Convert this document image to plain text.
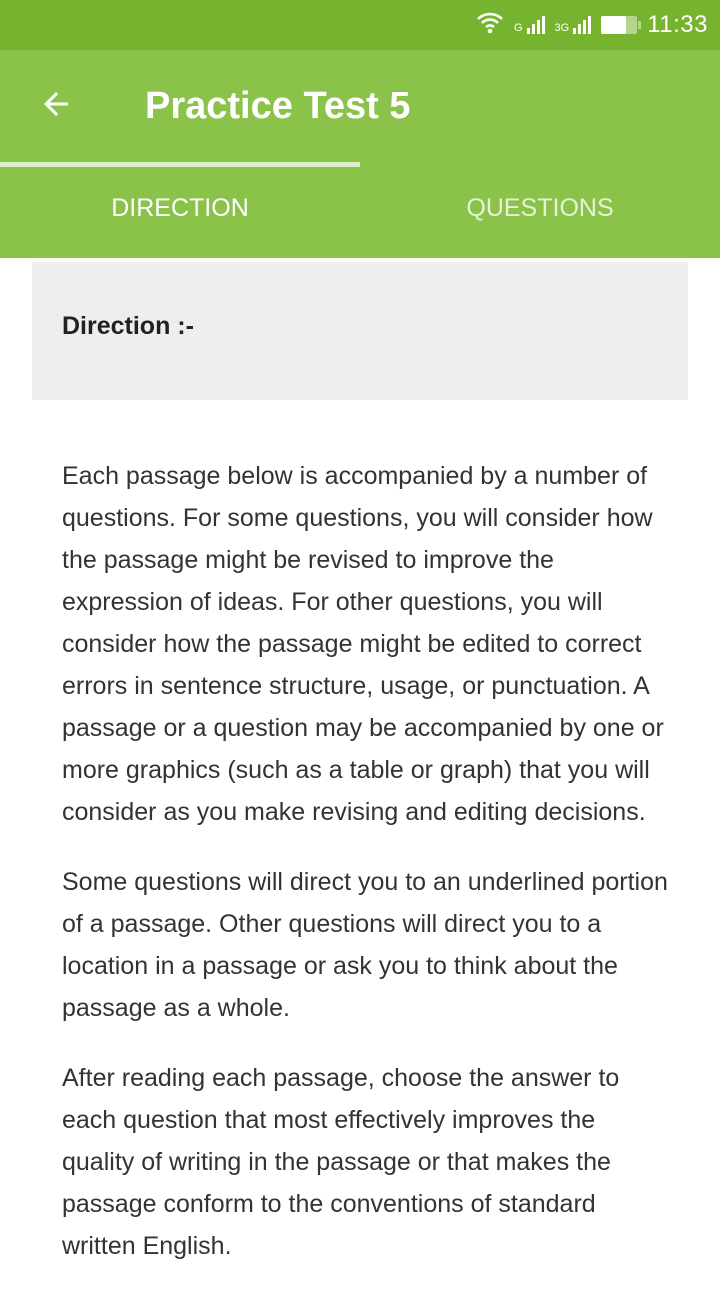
G	3G	11:33
Practice Test 5
DIRECTION	QUESTIONS
Direction :-

Each passage below is accompanied by a number of questions. For some questions, you will consider how the passage might be revised to improve the expression of ideas. For other questions, you will consider how the passage might be edited to correct errors in sentence structure, usage, or punctuation. A passage or a question may be accompanied by one or more graphics (such as a table or graph) that you will consider as you make revising and editing decisions.

Some questions will direct you to an underlined portion of a passage. Other questions will direct you to a location in a passage or ask you to think about the passage as a whole.

After reading each passage, choose the answer to each question that most effectively improves the quality of writing in the passage or that makes the passage conform to the conventions of standard written English.
